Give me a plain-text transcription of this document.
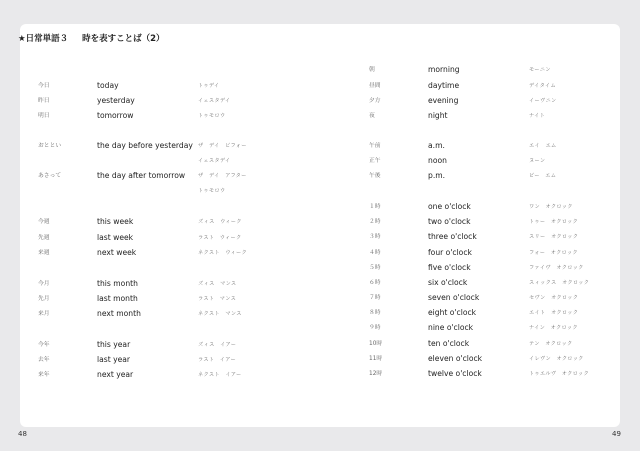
★日常単語３ 時を表すことば（2）
今日	today	トゥデイ
昨日	yesterday	イェスタデイ
明日	tomorrow	トゥモロウ
おととい	the day before yesterday ザ　デイ　ビフォー
イェスタデイ
あさって	the day after tomorrow ザ　デイ　アフター
トゥモロウ
今週	this week	ズィス　ウィーク
先週	last week	ラスト　ウィーク
来週	next week	ネクスト　ウィーク
今月	this month	ズィス　マンス
先月	last month	ラスト　マンス
来月	next month	ネクスト　マンス
今年	this year	ズィス　イアー
去年	last year	ラスト　イアー
来年	next year	ネクスト　イアー
朝	morning	モーニン
昼間	daytime	デイタイム
夕方	evening	イーヴニン
夜	night	ナイト
午前	a.m.	エイ　エム
正午	noon	ヌーン
午後	p.m.	ピー　エム
１時	one o'clock	ワン　オクロック
２時	two o'clock	トゥー　オクロック
３時	three o'clock	スリー　オクロック
４時	four o'clock	フォー　オクロック
５時	five o'clock	ファイヴ　オクロック
６時	six o'clock	スィックス　オクロック
７時	seven o'clock	セヴン　オクロック
８時	eight o'clock	エイト　オクロック
９時	nine o'clock	ナイン　オクロック
10時	ten o'clock	テン　オクロック
11時	eleven o'clock	イレヴン　オクロック
12時	twelve o'clock	トゥエルヴ　オクロック
48	49
